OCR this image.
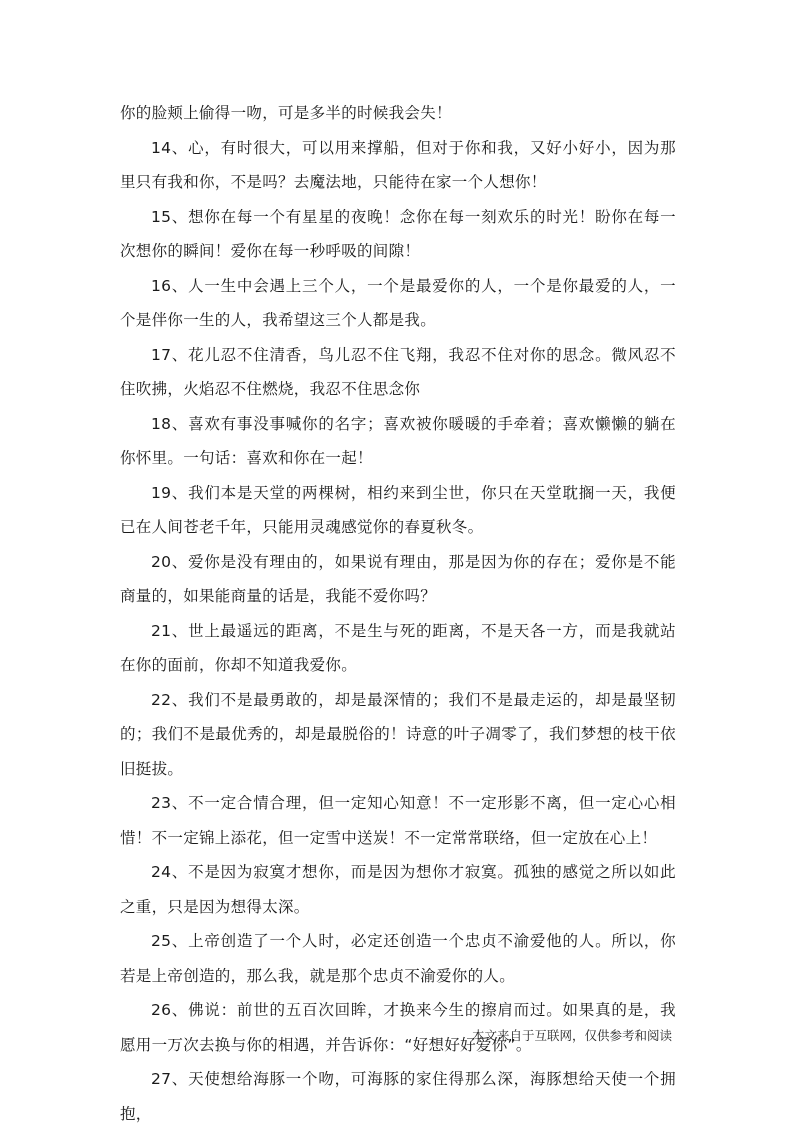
你的脸颊上偷得一吻，可是多半的时候我会失！

14、心，有时很大，可以用来撑船，但对于你和我，又好小好小，因为那里只有我和你，不是吗？去魔法地，只能待在家一个人想你！

15、想你在每一个有星星的夜晚！念你在每一刻欢乐的时光！盼你在每一次想你的瞬间！爱你在每一秒呼吸的间隙！

16、人一生中会遇上三个人，一个是最爱你的人，一个是你最爱的人，一个是伴你一生的人，我希望这三个人都是我。

17、花儿忍不住清香，鸟儿忍不住飞翔，我忍不住对你的思念。微风忍不住吹拂，火焰忍不住燃烧，我忍不住思念你

18、喜欢有事没事喊你的名字；喜欢被你暖暖的手牵着；喜欢懒懒的躺在你怀里。一句话：喜欢和你在一起！

19、我们本是天堂的两棵树，相约来到尘世，你只在天堂耽搁一天，我便已在人间苍老千年，只能用灵魂感觉你的春夏秋冬。

20、爱你是没有理由的，如果说有理由，那是因为你的存在；爱你是不能商量的，如果能商量的话是，我能不爱你吗？

21、世上最遥远的距离，不是生与死的距离，不是天各一方，而是我就站在你的面前，你却不知道我爱你。

22、我们不是最勇敢的，却是最深情的；我们不是最走运的，却是最坚韧的；我们不是最优秀的，却是最脱俗的！诗意的叶子凋零了，我们梦想的枝干依旧挺拔。

23、不一定合情合理，但一定知心知意！不一定形影不离，但一定心心相惜！不一定锦上添花，但一定雪中送炭！不一定常常联络，但一定放在心上！

24、不是因为寂寞才想你，而是因为想你才寂寞。孤独的感觉之所以如此之重，只是因为想得太深。

25、上帝创造了一个人时，必定还创造一个忠贞不渝爱他的人。所以，你若是上帝创造的，那么我，就是那个忠贞不渝爱你的人。

26、佛说：前世的五百次回眸，才换来今生的擦肩而过。如果真的是，我愿用一万次去换与你的相遇，并告诉你：“好想好好爱你”。

27、天使想给海豚一个吻，可海豚的家住得那么深，海豚想给天使一个拥抱，

本文来自于互联网，仅供参考和阅读
